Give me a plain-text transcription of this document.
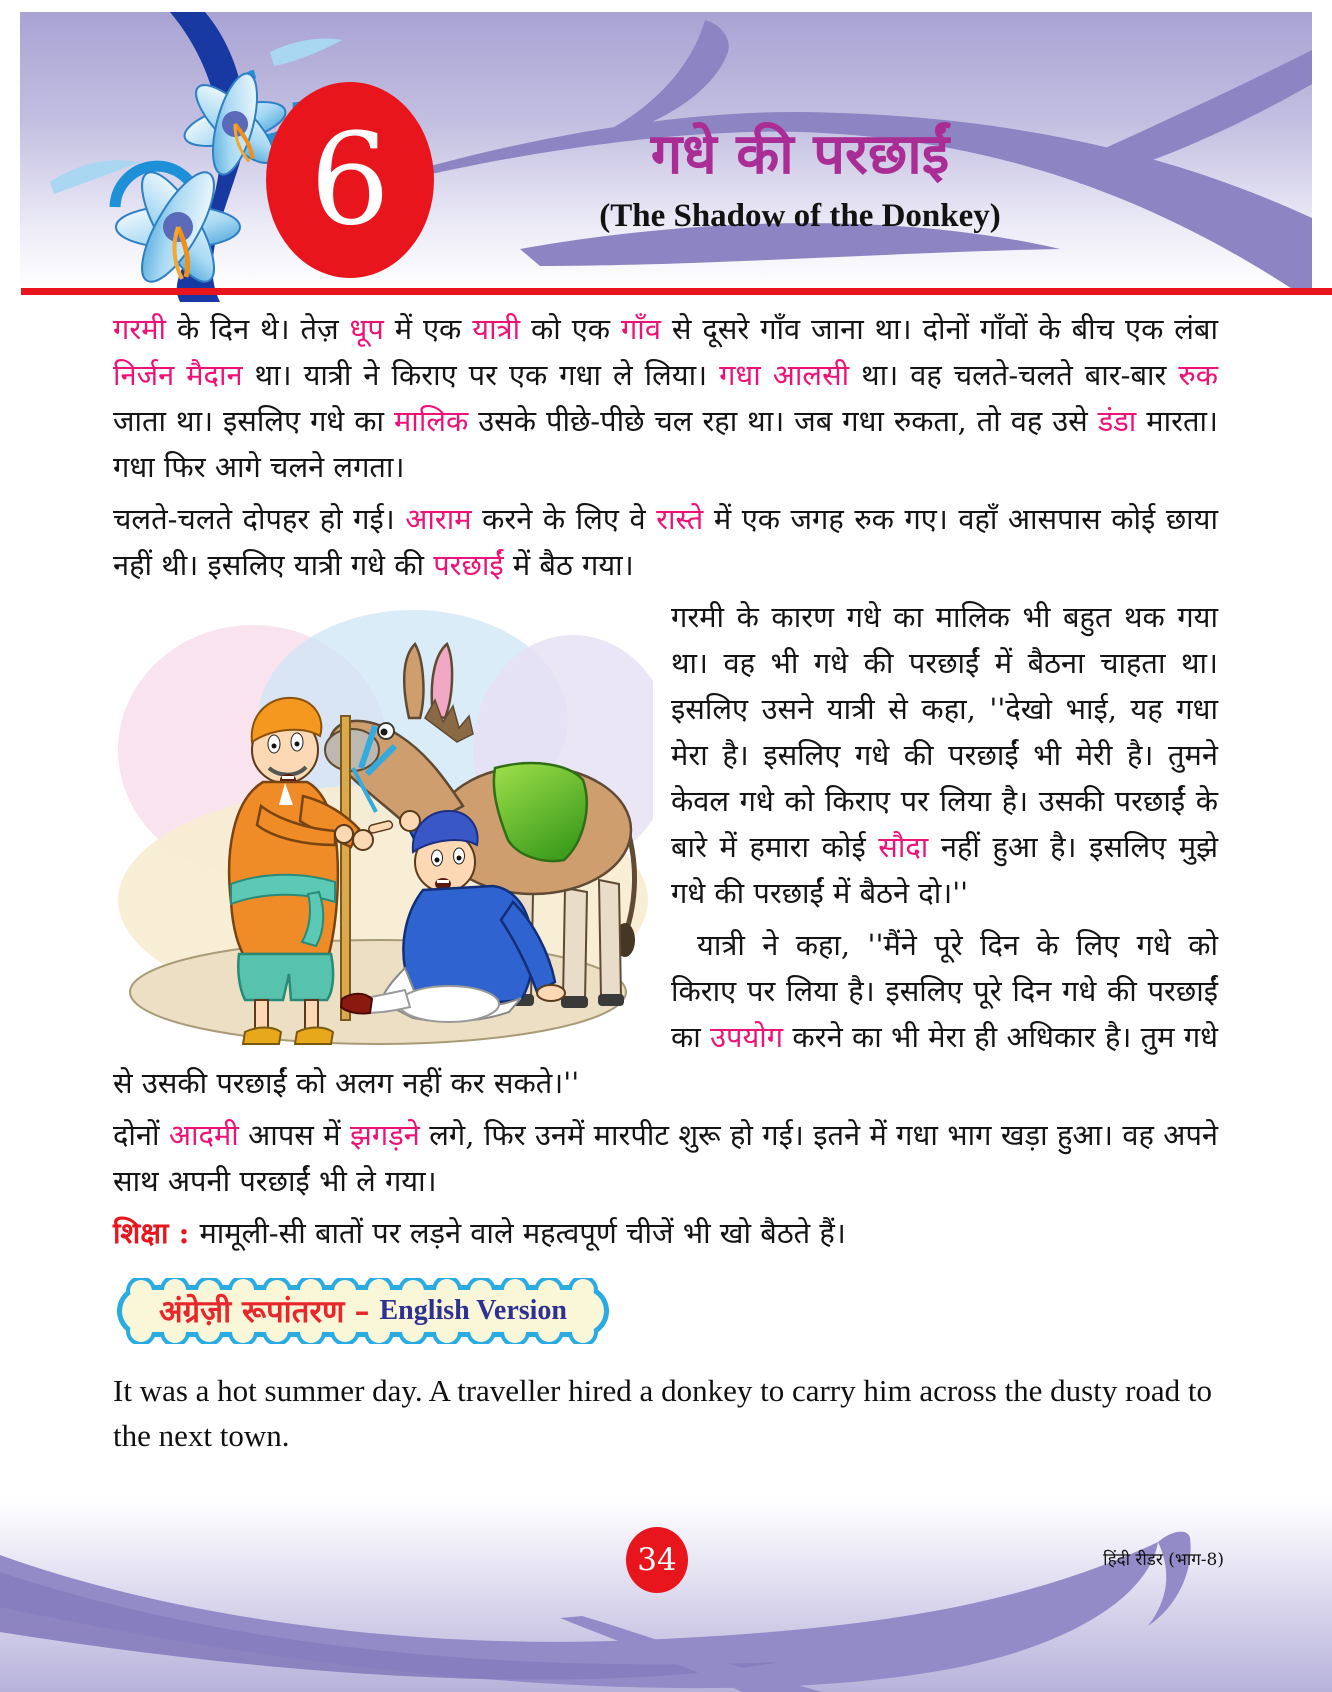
6	गधे की परछाईं
(The Shadow of the Donkey)

गरमी के दिन थे। तेज़ धूप में एक यात्री को एक गाँव से दूसरे गाँव जाना था। दोनों गाँवों के बीच एक लंबा निर्जन मैदान था। यात्री ने किराए पर एक गधा ले लिया। गधा आलसी था। वह चलते-चलते बार-बार रुक जाता था। इसलिए गधे का मालिक उसके पीछे-पीछे चल रहा था। जब गधा रुकता, तो वह उसे डंडा मारता। गधा फिर आगे चलने लगता।

चलते-चलते दोपहर हो गई। आराम करने के लिए वे रास्ते में एक जगह रुक गए। वहाँ आसपास कोई छाया नहीं थी। इसलिए यात्री गधे की परछाईं में बैठ गया।

गरमी के कारण गधे का मालिक भी बहुत थक गया था। वह भी गधे की परछाईं में बैठना चाहता था। इसलिए उसने यात्री से कहा, ''देखो भाई, यह गधा मेरा है। इसलिए गधे की परछाईं भी मेरी है। तुमने केवल गधे को किराए पर लिया है। उसकी परछाईं के बारे में हमारा कोई सौदा नहीं हुआ है। इसलिए मुझे गधे की परछाईं में बैठने दो।''

यात्री ने कहा, ''मैंने पूरे दिन के लिए गधे को किराए पर लिया है। इसलिए पूरे दिन गधे की परछाईं का उपयोग करने का भी मेरा ही अधिकार है। तुम गधे से उसकी परछाईं को अलग नहीं कर सकते।''

दोनों आदमी आपस में झगड़ने लगे, फिर उनमें मारपीट शुरू हो गई। इतने में गधा भाग खड़ा हुआ। वह अपने साथ अपनी परछाईं भी ले गया।

शिक्षा : मामूली-सी बातों पर लड़ने वाले महत्वपूर्ण चीजें भी खो बैठते हैं।

अंग्रेज़ी रूपांतरण – English Version

It was a hot summer day. A traveller hired a donkey to carry him across the dusty road to the next town.

34	हिंदी रीडर (भाग-8)
